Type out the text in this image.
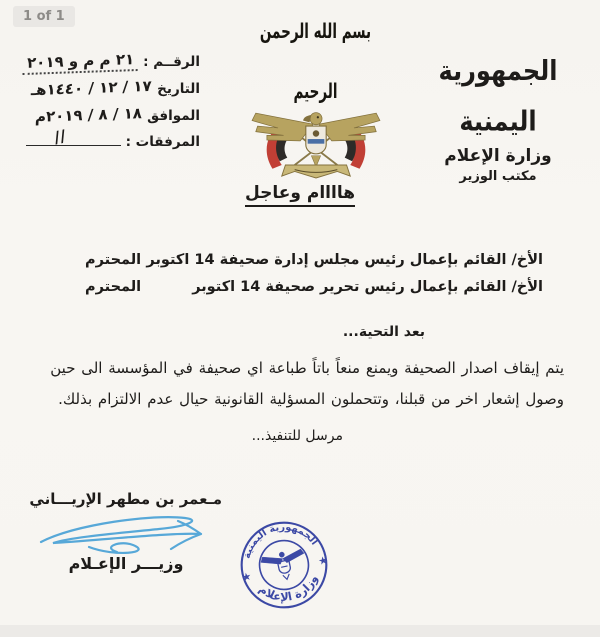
1 of 1
الرقــم :
٢١ م م و ٢٠١٩
التاريخ
١٧ / ١٢ / ١٤٤٠هـ
الموافق
١٨ / ٨ / ٢٠١٩م
المرفقات :
//
بسم الله الرحمن الرحيم
الجمهورية اليمنية
وزارة الإعلام
مكتب الوزير
هاااام وعاجل
الأخ/ القائم بإعمال رئيس مجلس إدارة صحيفة 14 اكتوبر
المحترم
الأخ/ القائم بإعمال رئيس تحرير صحيفة 14 اكتوبر
المحترم
بعد التحية...
يتم إيقاف اصدار الصحيفة ويمنع منعاً باتاً طباعة اي صحيفة في المؤسسة الى حين
وصول إشعار اخر من قبلنا، وتتحملون المسؤلية القانونية حيال عدم الالتزام بذلك.
مرسل للتنفيذ...
مـعمر بن مطهر الإريـــاني
وزيـــر الإعـلام	الجمهورية اليمنية
وزارة الإعلام
★
★
